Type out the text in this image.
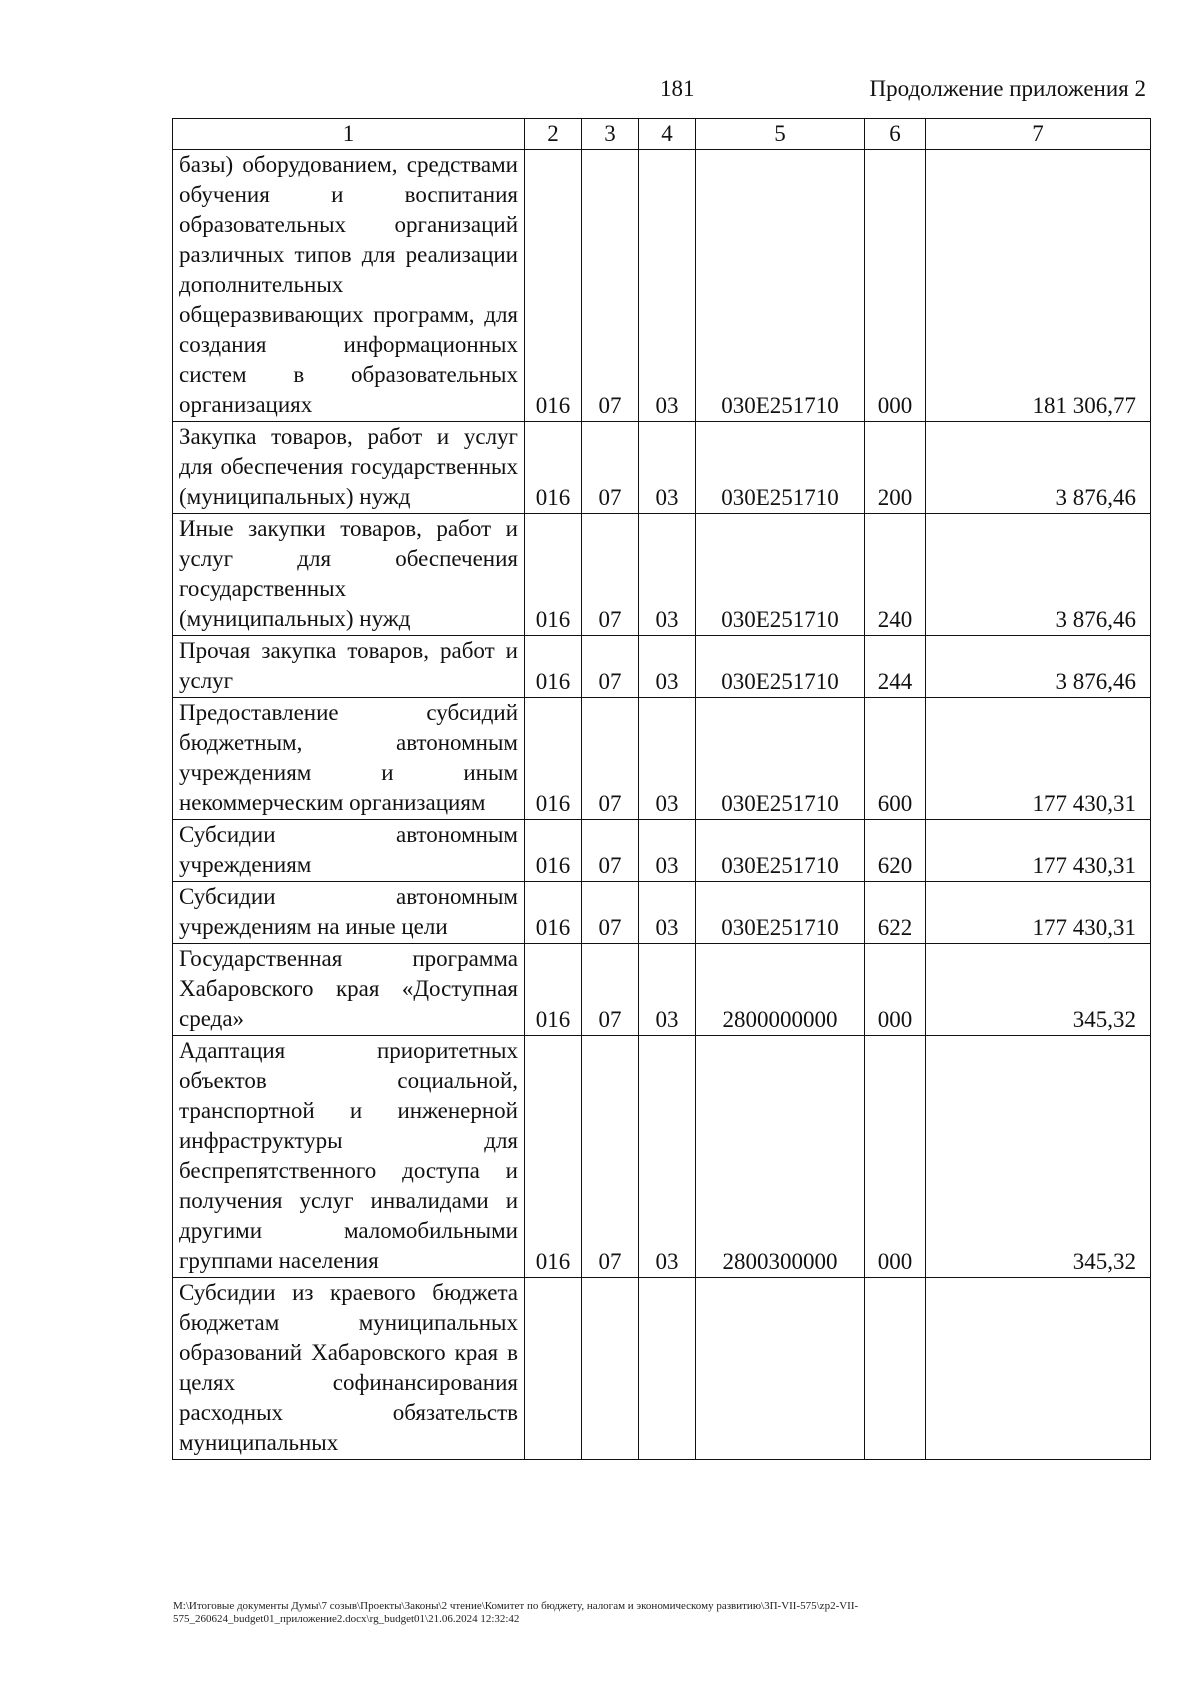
181	Продолжение приложения 2
1	2	3	4	5	6	7
базы) оборудованием, средствами обучения и воспитания образовательных организаций различных типов для реализации дополнительных общеразвивающих программ, для создания информационных систем в образовательных организациях	016	07	03	030E251710	000	181 306,77
Закупка товаров, работ и услуг для обеспечения государственных (муниципальных) нужд	016	07	03	030E251710	200	3 876,46
Иные закупки товаров, работ и услуг для обеспечения государственных (муниципальных) нужд	016	07	03	030E251710	240	3 876,46
Прочая закупка товаров, работ и услуг	016	07	03	030E251710	244	3 876,46
Предоставление субсидий бюджетным, автономным учреждениям и иным некоммерческим организациям	016	07	03	030E251710	600	177 430,31
Субсидии автономным учреждениям	016	07	03	030E251710	620	177 430,31
Субсидии автономным учреждениям на иные цели	016	07	03	030E251710	622	177 430,31
Государственная программа Хабаровского края «Доступная среда»	016	07	03	2800000000	000	345,32
Адаптация приоритетных объектов социальной, транспортной и инженерной инфраструктуры для беспрепятственного доступа и получения услуг инвалидами и другими маломобильными группами населения	016	07	03	2800300000	000	345,32
Субсидии из краевого бюджета бюджетам муниципальных образований Хабаровского края в целях софинансирования расходных обязательств муниципальных						
M:\Итоговые документы Думы\7 созыв\Проекты\Законы\2 чтение\Комитет по бюджету, налогам и экономическому развитию\3П-VII-575\zp2-VII-575_260624_budget01_приложение2.docx\rg_budget01\21.06.2024 12:32:42
